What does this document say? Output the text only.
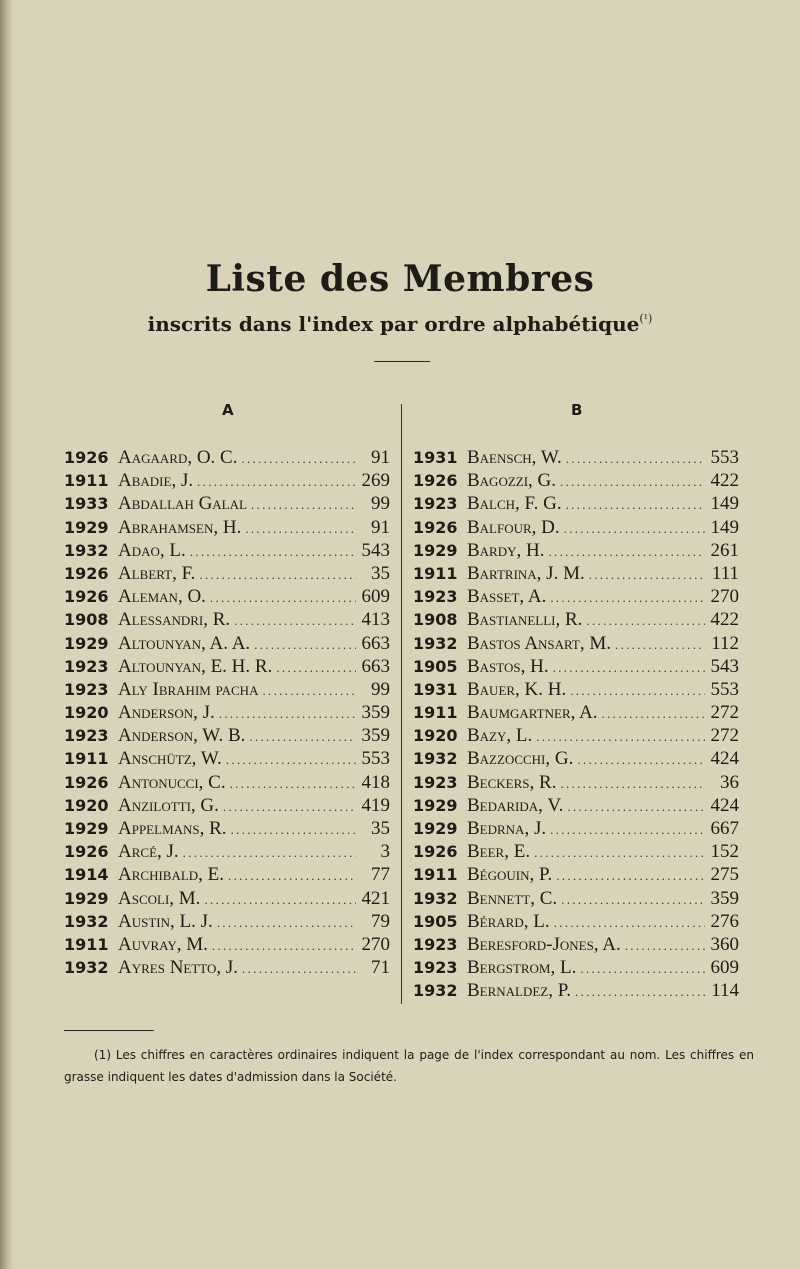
Liste des Membres
inscrits dans l'index par ordre alphabétique$^{(^1)}$
A	B
1926 Aagaard, O. C. .....	91
1911 Abadie, J. .....	269
1933 Abdallah Galal .....	99
1929 Abrahamsen, H. .....	91
1932 Adao, L. .....	543
1926 Albert, F. .....	35
1926 Aleman, O. .....	609
1908 Alessandri, R. .....	413
1929 Altounyan, A. A. .....	663
1923 Altounyan, E. H. R. .....	663
1923 Aly Ibrahim pacha .....	99
1920 Anderson, J. .....	359
1923 Anderson, W. B. .....	359
1911 Anschütz, W. .....	553
1926 Antonucci, C. .....	418
1920 Anzilotti, G. .....	419
1929 Appelmans, R. .....	35
1926 Arcé, J. .....	3
1914 Archibald, E. .....	77
1929 Ascoli, M. .....	421
1932 Austin, L. J. .....	79
1911 Auvray, M. .....	270
1932 Ayres Netto, J. .....	71
1931 Baensch, W. .....	553
1926 Bagozzi, G. .....	422
1923 Balch, F. G. .....	149
1926 Balfour, D. .....	149
1929 Bardy, H. .....	261
1911 Bartrina, J. M. .....	111
1923 Basset, A. .....	270
1908 Bastianelli, R. .....	422
1932 Bastos Ansart, M. .....	112
1905 Bastos, H. .....	543
1931 Bauer, K. H. .....	553
1911 Baumgartner, A. .....	272
1920 Bazy, L. .....	272
1932 Bazzocchi, G. .....	424
1923 Beckers, R. .....	36
1929 Bedarida, V. .....	424
1929 Bedrna, J. .....	667
1926 Beer, E. .....	152
1911 Bégouin, P. .....	275
1932 Bennett, C. .....	359
1905 Bérard, L. .....	276
1923 Beresford-Jones, A. .....	360
1923 Bergstrom, L. .....	609
1932 Bernaldez, P. .....	114
(1) Les chiffres en caractères ordinaires indiquent la page de l'index correspondant au nom. Les chiffres en grasse indiquent les dates d'admission dans la Société.
